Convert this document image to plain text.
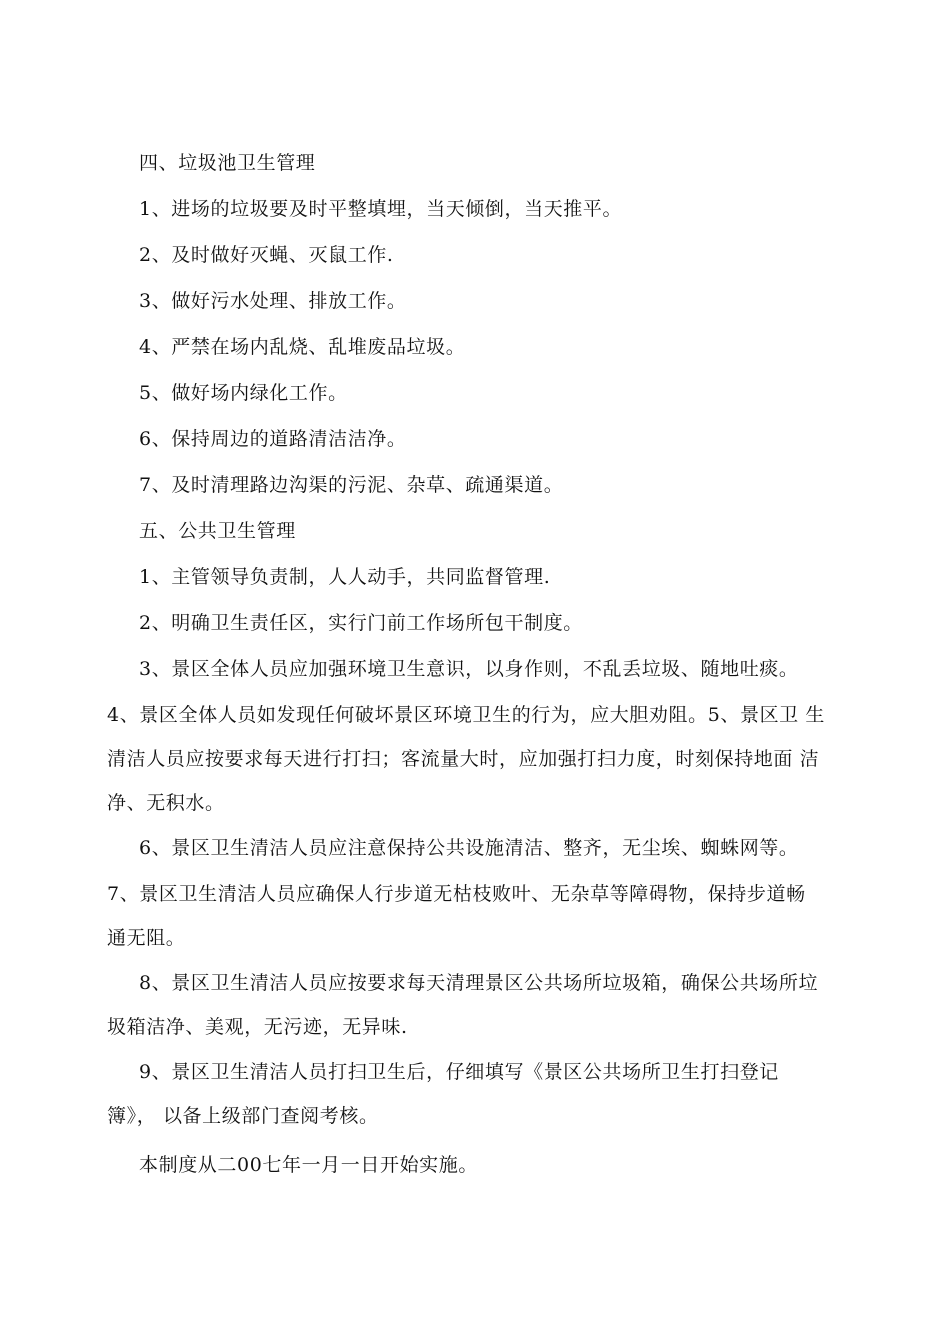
四、垃圾池卫生管理
1、进场的垃圾要及时平整填埋，当天倾倒，当天推平。
2、及时做好灭蝇、灭鼠工作.
3、做好污水处理、排放工作。
4、严禁在场内乱烧、乱堆废品垃圾。
5、做好场内绿化工作。
6、保持周边的道路清洁洁净。
7、及时清理路边沟渠的污泥、杂草、疏通渠道。
五、公共卫生管理
1、主管领导负责制，人人动手，共同监督管理.
2、明确卫生责任区，实行门前工作场所包干制度。
3、景区全体人员应加强环境卫生意识，以身作则，不乱丢垃圾、随地吐痰。
4、景区全体人员如发现任何破坏景区环境卫生的行为，应大胆劝阻。5、景区卫 生
清洁人员应按要求每天进行打扫；客流量大时，应加强打扫力度，时刻保持地面 洁
净、无积水。
6、景区卫生清洁人员应注意保持公共设施清洁、整齐，无尘埃、蜘蛛网等。
7、景区卫生清洁人员应确保人行步道无枯枝败叶、无杂草等障碍物，保持步道畅
通无阻。
8、景区卫生清洁人员应按要求每天清理景区公共场所垃圾箱，确保公共场所垃
圾箱洁净、美观，无污迹，无异味.
9、景区卫生清洁人员打扫卫生后，仔细填写《景区公共场所卫生打扫登记
簿》， 以备上级部门查阅考核。
本制度从二00七年一月一日开始实施。
